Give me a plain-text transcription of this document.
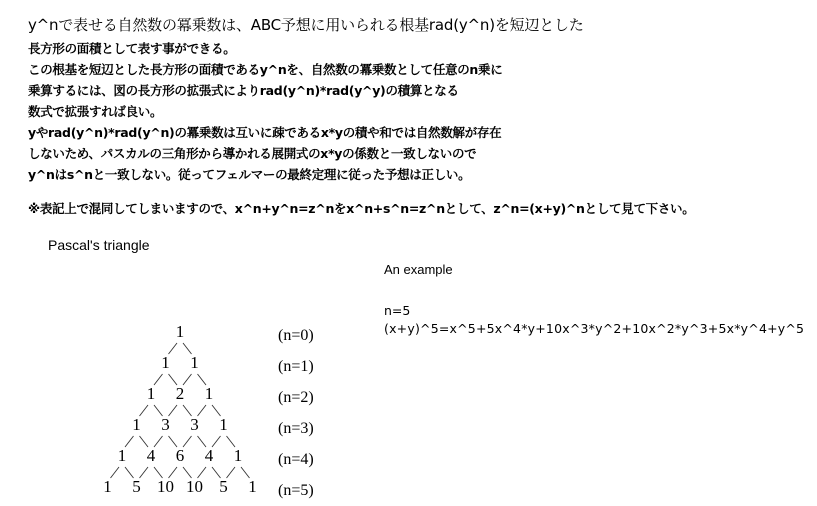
y^nで表せる自然数の冪乗数は、ABC予想に用いられる根基rad(y^n)を短辺とした
長方形の面積として表す事ができる。
この根基を短辺とした長方形の面積であるy^nを、自然数の冪乗数として任意のn乗に
乗算するには、図の長方形の拡張式によりrad(y^n)*rad(y^y)の積算となる
数式で拡張すれば良い。
yやrad(y^n)*rad(y^n)の冪乗数は互いに疎であるx*yの積や和では自然数解が存在
しないため、パスカルの三角形から導かれる展開式のx*yの係数と一致しないので
y^nはs^nと一致しない。従ってフェルマーの最終定理に従った予想は正しい。
※表記上で混同してしまいますので、x^n+y^n=z^nをx^n+s^n=z^nとして、z^n=(x+y)^nとして見て下さい。
Pascal's triangle
1	(n=0)
1 1	(n=1)
1 2 1	(n=2)
1 3 3 1	(n=3)
1 4 6 4 1 (n=4)
1 5 10 10 5 1 (n=5)
An example
n=5
(x+y)^5=x^5+5x^4*y+10x^3*y^2+10x^2*y^3+5x*y^4+y^5
